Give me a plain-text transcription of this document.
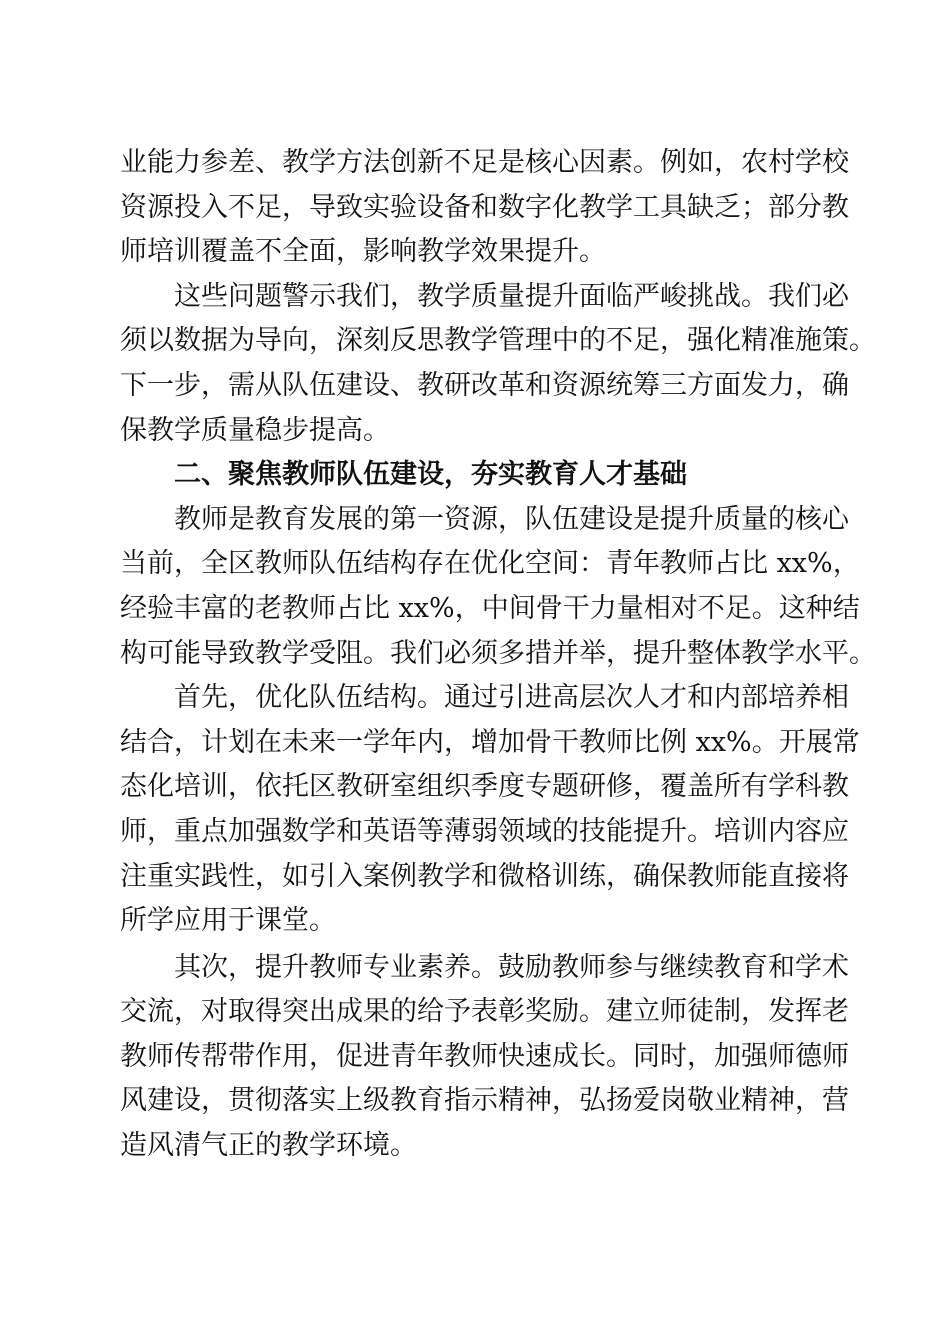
业能力参差、教学方法创新不足是核心因素。例如，农村学校
资源投入不足，导致实验设备和数字化教学工具缺乏；部分教
师培训覆盖不全面，影响教学效果提升。
这些问题警示我们，教学质量提升面临严峻挑战。我们必
须以数据为导向，深刻反思教学管理中的不足，强化精准施策。
下一步，需从队伍建设、教研改革和资源统筹三方面发力，确
保教学质量稳步提高。
二、聚焦教师队伍建设，夯实教育人才基础
教师是教育发展的第一资源，队伍建设是提升质量的核心
当前，全区教师队伍结构存在优化空间：青年教师占比 xx%，
经验丰富的老教师占比 xx%，中间骨干力量相对不足。这种结
构可能导致教学受阻。我们必须多措并举，提升整体教学水平。
首先，优化队伍结构。通过引进高层次人才和内部培养相
结合，计划在未来一学年内，增加骨干教师比例 xx%。开展常
态化培训，依托区教研室组织季度专题研修，覆盖所有学科教
师，重点加强数学和英语等薄弱领域的技能提升。培训内容应
注重实践性，如引入案例教学和微格训练，确保教师能直接将
所学应用于课堂。
其次，提升教师专业素养。鼓励教师参与继续教育和学术
交流，对取得突出成果的给予表彰奖励。建立师徒制，发挥老
教师传帮带作用，促进青年教师快速成长。同时，加强师德师
风建设，贯彻落实上级教育指示精神，弘扬爱岗敬业精神，营
造风清气正的教学环境。
